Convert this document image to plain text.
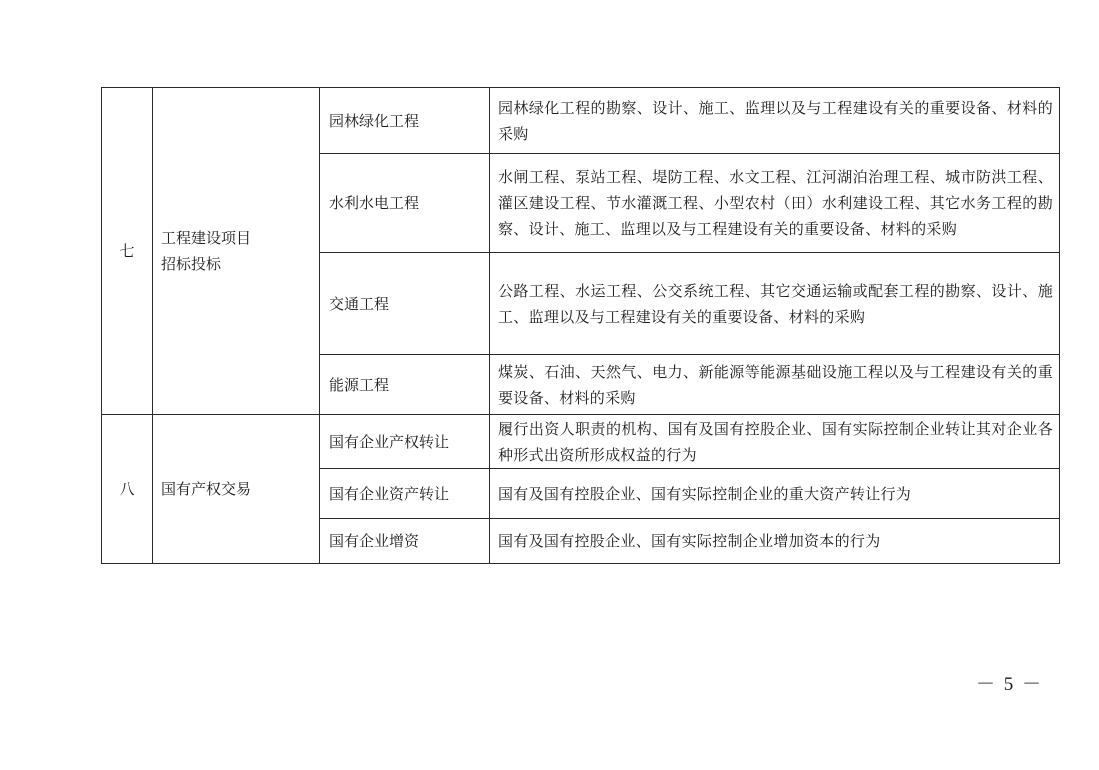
七	工程建设项目招标投标	园林绿化工程	园林绿化工程的勘察、设计、施工、监理以及与工程建设有关的重要设备、材料的采购
		水利水电工程	水闸工程、泵站工程、堤防工程、水文工程、江河湖泊治理工程、城市防洪工程、灌区建设工程、节水灌溉工程、小型农村（田）水利建设工程、其它水务工程的勘察、设计、施工、监理以及与工程建设有关的重要设备、材料的采购
		交通工程	公路工程、水运工程、公交系统工程、其它交通运输或配套工程的勘察、设计、施工、监理以及与工程建设有关的重要设备、材料的采购
		能源工程	煤炭、石油、天然气、电力、新能源等能源基础设施工程以及与工程建设有关的重要设备、材料的采购
八	国有产权交易	国有企业产权转让	履行出资人职责的机构、国有及国有控股企业、国有实际控制企业转让其对企业各种形式出资所形成权益的行为
		国有企业资产转让	国有及国有控股企业、国有实际控制企业的重大资产转让行为
		国有企业增资	国有及国有控股企业、国有实际控制企业增加资本的行为
－ 5 －
